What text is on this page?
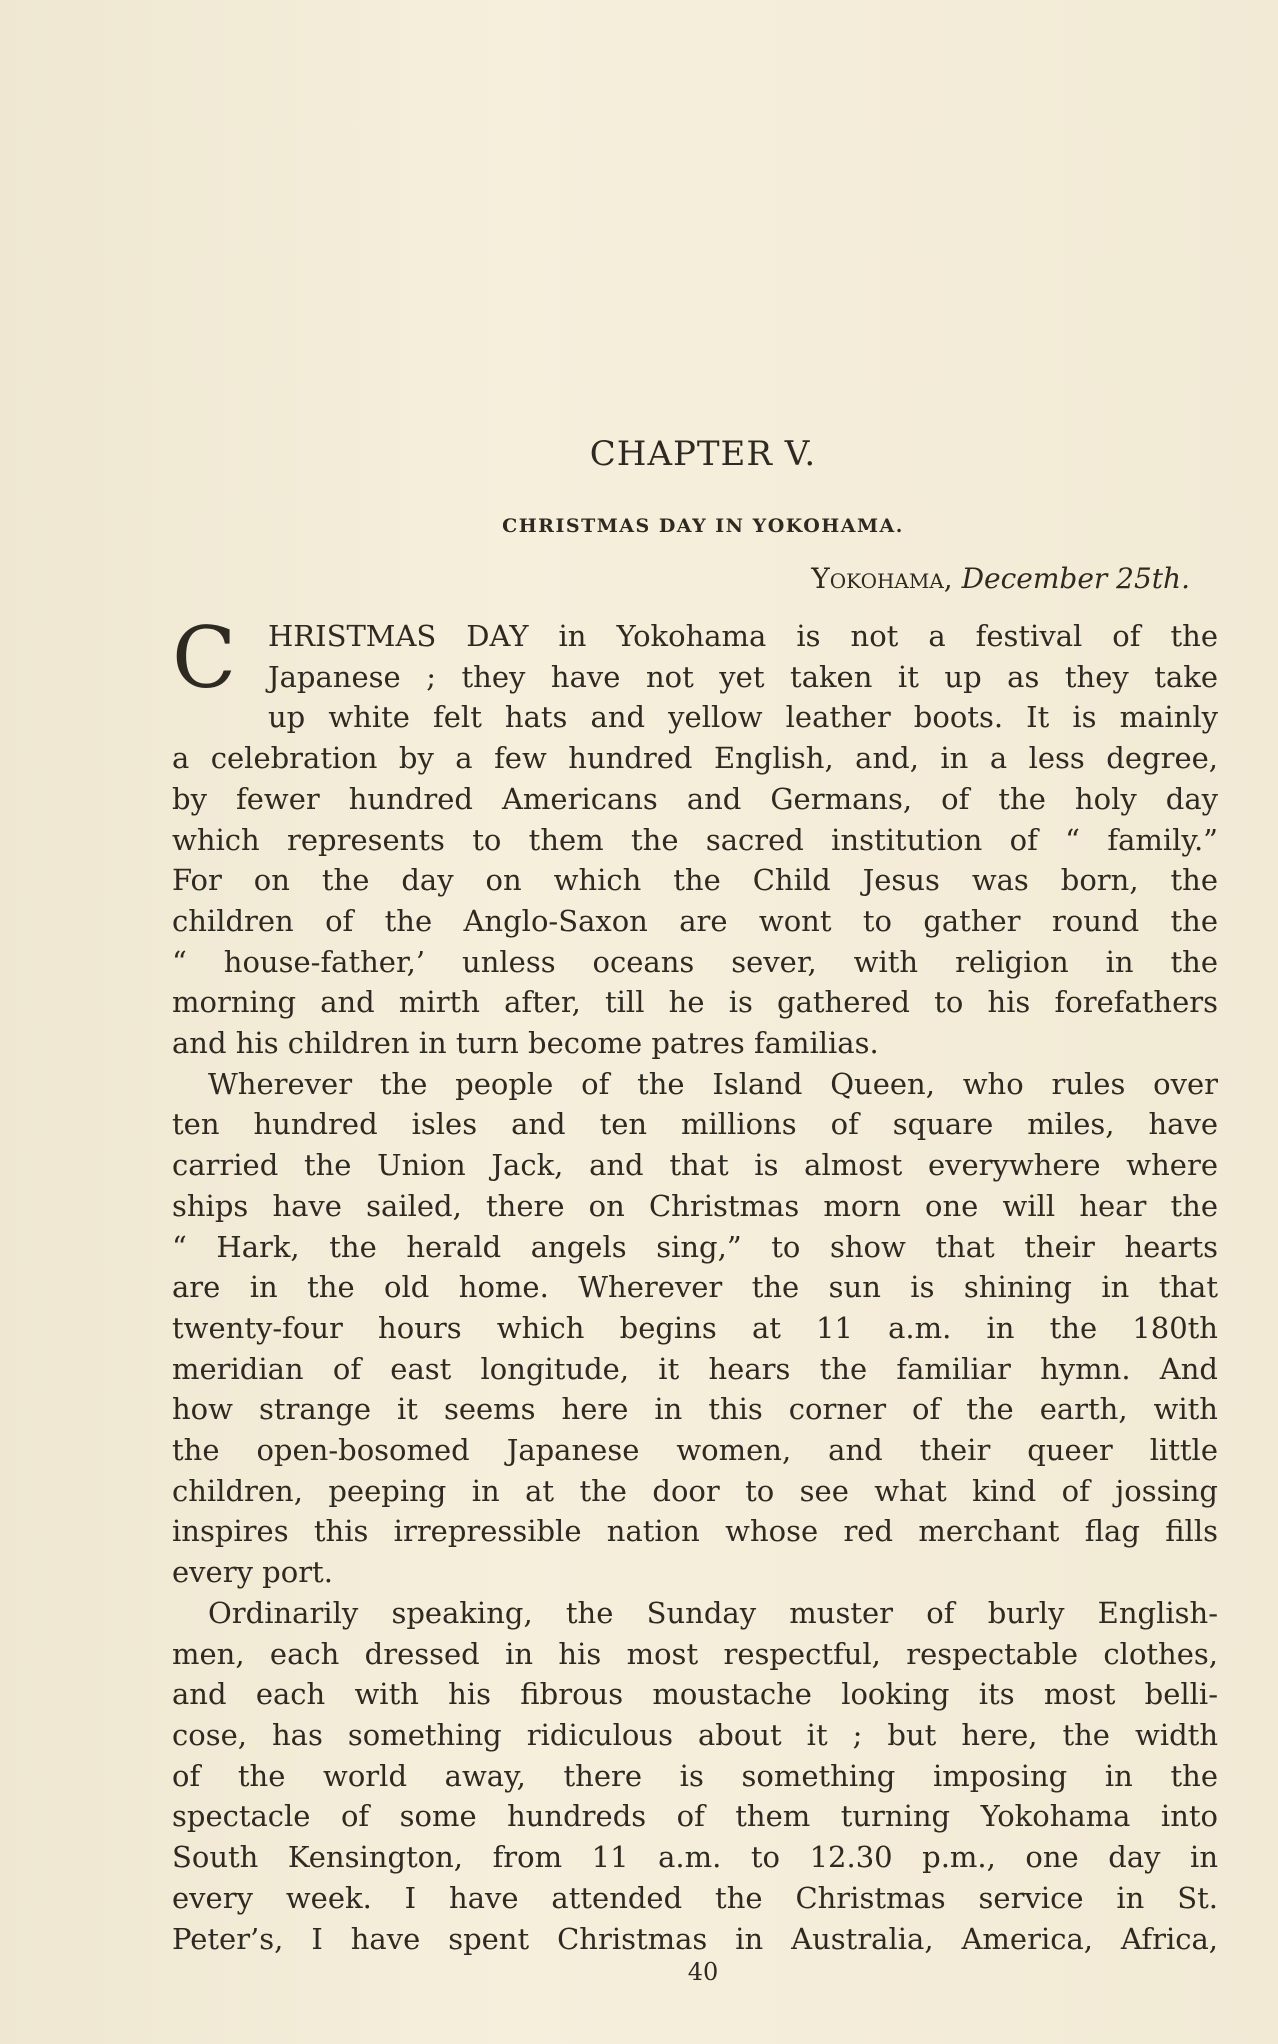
CHAPTER V.
CHRISTMAS DAY IN YOKOHAMA.

Yokohama, December 25th.

C	HRISTMAS DAY in Yokohama is not a festival of the
Japanese ; they have not yet taken it up as they take
up white felt hats and yellow leather boots. It is mainly
a celebration by a few hundred English, and, in a less degree,
by fewer hundred Americans and Germans, of the holy day
which represents to them the sacred institution of “ family.”
For on the day on which the Child Jesus was born, the
children of the Anglo-Saxon are wont to gather round the
“ house-father,’ unless oceans sever, with religion in the
morning and mirth after, till he is gathered to his forefathers
and his children in turn become patres familias.
Wherever the people of the Island Queen, who rules over
ten hundred isles and ten millions of square miles, have
carried the Union Jack, and that is almost everywhere where
ships have sailed, there on Christmas morn one will hear the
“ Hark, the herald angels sing,” to show that their hearts
are in the old home. Wherever the sun is shining in that
twenty-four hours which begins at 11 a.m. in the 180th
meridian of east longitude, it hears the familiar hymn. And
how strange it seems here in this corner of the earth, with
the open-bosomed Japanese women, and their queer little
children, peeping in at the door to see what kind of jossing
inspires this irrepressible nation whose red merchant flag fills
every port.
Ordinarily speaking, the Sunday muster of burly English-
men, each dressed in his most respectful, respectable clothes,
and each with his fibrous moustache looking its most belli-
cose, has something ridiculous about it ; but here, the width
of the world away, there is something imposing in the
spectacle of some hundreds of them turning Yokohama into
South Kensington, from 11 a.m. to 12.30 p.m., one day in
every week. I have attended the Christmas service in St.
Peter’s, I have spent Christmas in Australia, America, Africa,
40
